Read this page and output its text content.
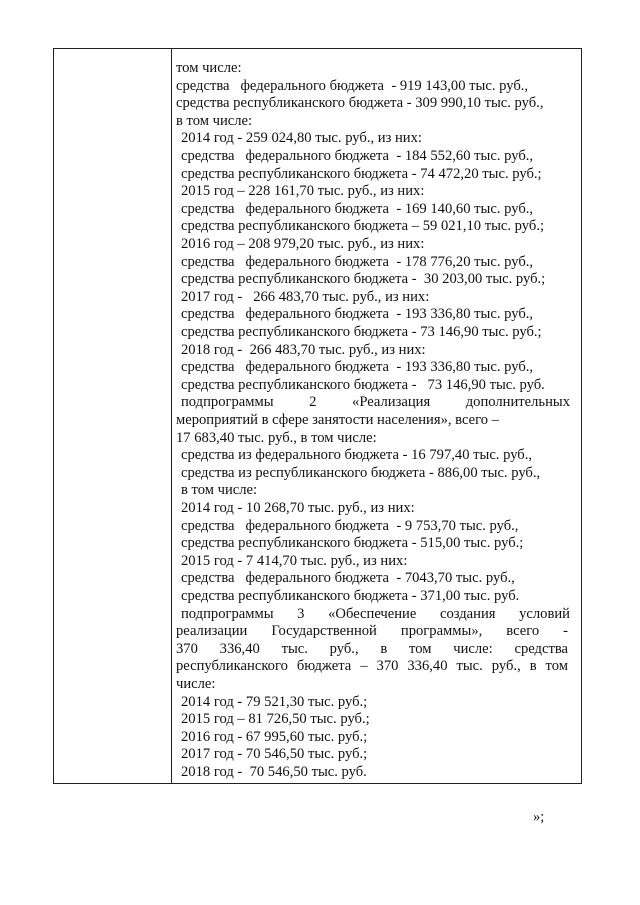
том числе:
средства   федерального бюджета  - 919 143,00 тыс. руб.,
средства республиканского бюджета - 309 990,10 тыс. руб.,
в том числе:
2014 год - 259 024,80 тыс. руб., из них:
средства   федерального бюджета  - 184 552,60 тыс. руб.,
средства республиканского бюджета - 74 472,20 тыс. руб.;
2015 год – 228 161,70 тыс. руб., из них:
средства   федерального бюджета  - 169 140,60 тыс. руб.,
средства республиканского бюджета – 59 021,10 тыс. руб.;
2016 год – 208 979,20 тыс. руб., из них:
средства   федерального бюджета  - 178 776,20 тыс. руб.,
средства республиканского бюджета -  30 203,00 тыс. руб.;
2017 год -   266 483,70 тыс. руб., из них:
средства   федерального бюджета  - 193 336,80 тыс. руб.,
средства республиканского бюджета - 73 146,90 тыс. руб.;
2018 год -  266 483,70 тыс. руб., из них:
средства   федерального бюджета  - 193 336,80 тыс. руб.,
средства республиканского бюджета -   73 146,90 тыс. руб.
подпрограммы 2 «Реализация дополнительных
мероприятий в сфере занятости населения», всего –
17 683,40 тыс. руб., в том числе:
средства из федерального бюджета - 16 797,40 тыс. руб.,
средства из республиканского бюджета - 886,00 тыс. руб.,
в том числе:
2014 год - 10 268,70 тыс. руб., из них:
средства   федерального бюджета  - 9 753,70 тыс. руб.,
средства республиканского бюджета - 515,00 тыс. руб.;
2015 год - 7 414,70 тыс. руб., из них:
средства   федерального бюджета  - 7043,70 тыс. руб.,
средства республиканского бюджета - 371,00 тыс. руб.
подпрограммы 3 «Обеспечение создания условий
реализации Государственной программы», всего -
370 336,40 тыс. руб., в том числе: средства
республиканского бюджета – 370 336,40 тыс. руб., в том
числе:
2014 год - 79 521,30 тыс. руб.;
2015 год – 81 726,50 тыс. руб.;
2016 год - 67 995,60 тыс. руб.;
2017 год - 70 546,50 тыс. руб.;
2018 год -  70 546,50 тыс. руб.
»;
